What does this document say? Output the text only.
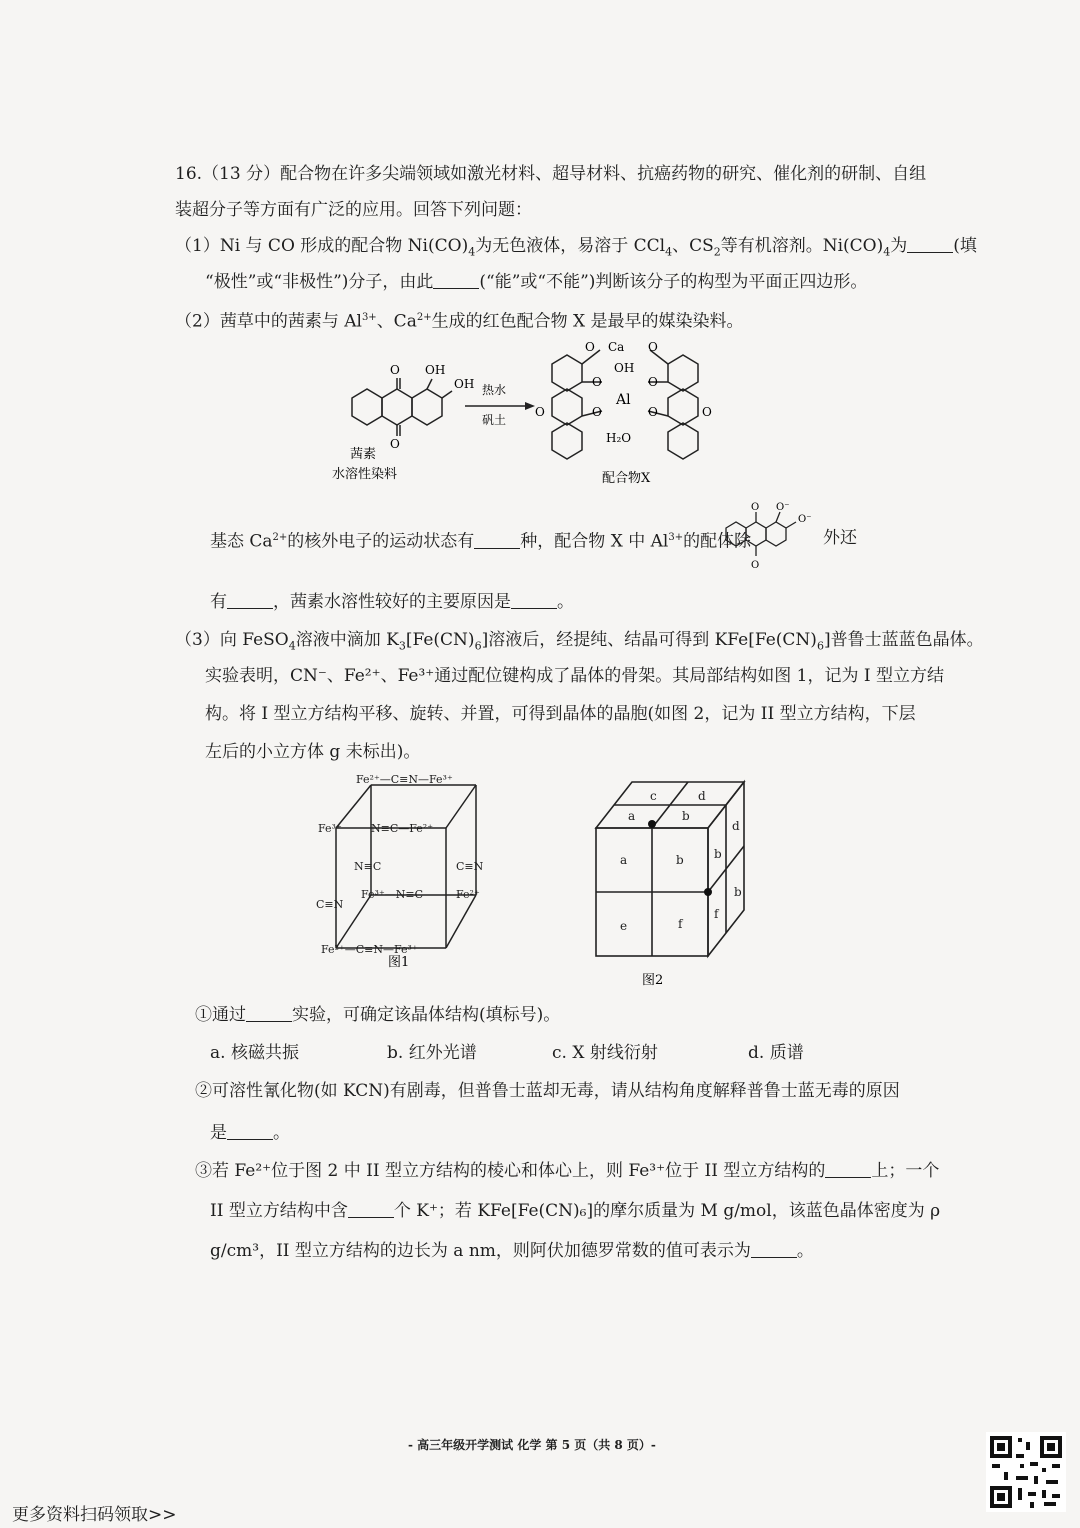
16.（13 分）配合物在许多尖端领域如激光材料、超导材料、抗癌药物的研究、催化剂的研制、自组
装超分子等方面有广泛的应用。回答下列问题：
（1）Ni 与 CO 形成的配合物 $Ni(CO)_4$为无色液体，易溶于 CCl$_4$、$CS_2$等有机溶剂。$Ni(CO)_4$为	(填
“极性”或“非极性”)分子，由此	(“能”或“不能”)判断该分子的构型为平面正四边形。
（2）茜草中的茜素与 $Al^{3+}$、$Ca^{2+}$生成的红色配合物 X 是最早的媒染染料。
O OH
OH
O
热水
矾土
O Ca O
OH
O	O
Al
O	O
O	O
H₂O
茜素
水溶性染料	配合物X
基态 $Ca^{2+}$的核外电子的运动状态有	种，配合物 X 中 $Al^{3+}$的配体除
O O⁻
O⁻
O
外还
有	，茜素水溶性较好的主要原因是	。
（3）向 FeSO$_4$溶液中滴加 $K_3[Fe(CN)_6]$溶液后，经提纯、结晶可得到 $KFe[Fe(CN)_6]$普鲁士蓝蓝色晶体。
实验表明，CN⁻、Fe²⁺、Fe³⁺通过配位键构成了晶体的骨架。其局部结构如图 1，记为 I 型立方结
构。将 I 型立方结构平移、旋转、并置，可得到晶体的晶胞(如图 2，记为 II 型立方结构，下层
左后的小立方体 g 未标出)。
Fe²⁺—C≡N—Fe³⁺
Fe³⁺	N≡C—Fe²⁺
N≡C	C≡N
C≡N
Fe³⁺—N≡C	Fe²⁺
Fe²⁺—C≡N—Fe³⁺
图1
c	d
a	b
d
a	b	b
e	f
f
b
图2
①通过	实验，可确定该晶体结构(填标号)。
a. 核磁共振	b. 红外光谱	c. X 射线衍射	d. 质谱
②可溶性氰化物(如 KCN)有剧毒，但普鲁士蓝却无毒，请从结构角度解释普鲁士蓝无毒的原因
是	。
③若 Fe²⁺位于图 2 中 II 型立方结构的棱心和体心上，则 Fe³⁺位于 II 型立方结构的	上；一个
II 型立方结构中含	个 K⁺；若 KFe[Fe(CN)₆]的摩尔质量为 M g/mol，该蓝色晶体密度为 ρ
g/cm³，II 型立方结构的边长为 a nm，则阿伏加德罗常数的值可表示为	。
- 高三年级开学测试 化学 第 5 页（共 8 页）-
更多资料扫码领取>>
